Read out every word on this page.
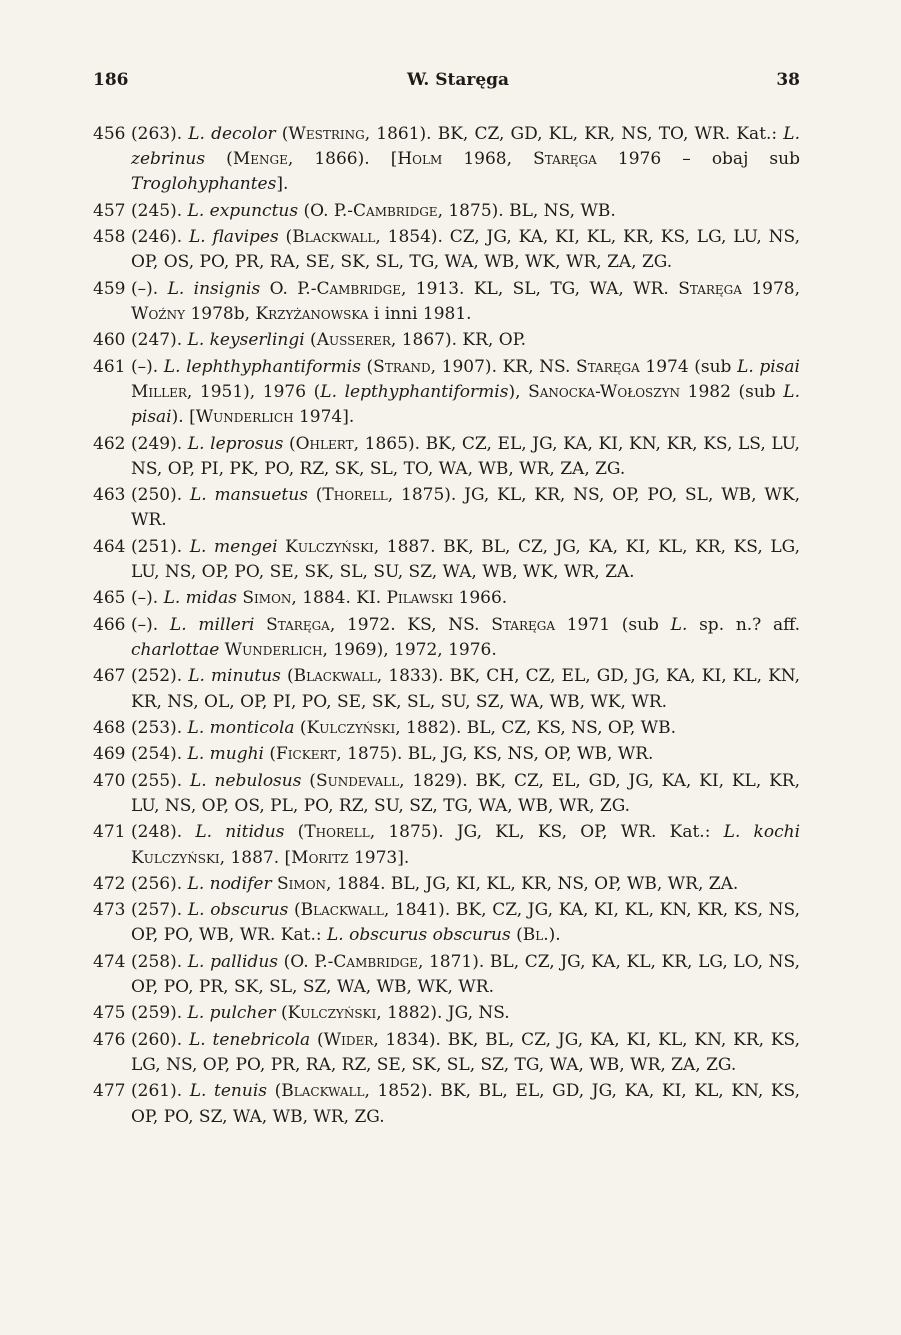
186	W. Staręga	38
456 (263). L. decolor (Westring, 1861). BK, CZ, GD, KL, KR, NS, TO, WR. Kat.: L. zebrinus (Menge, 1866). [Holm 1968, Staręga 1976 – obaj sub Troglohyphantes].
457 (245). L. expunctus (O. P.-Cambridge, 1875). BL, NS, WB.
458 (246). L. flavipes (Blackwall, 1854). CZ, JG, KA, KI, KL, KR, KS, LG, LU, NS, OP, OS, PO, PR, RA, SE, SK, SL, TG, WA, WB, WK, WR, ZA, ZG.
459 (–). L. insignis O. P.-Cambridge, 1913. KL, SL, TG, WA, WR. Staręga 1978, Woźny 1978b, Krzyżanowska i inni 1981.
460 (247). L. keyserlingi (Ausserer, 1867). KR, OP.
461 (–). L. lephthyphantiformis (Strand, 1907). KR, NS. Staręga 1974 (sub L. pisai Miller, 1951), 1976 (L. lepthyphantiformis), Sanocka-Wołoszyn 1982 (sub L. pisai). [Wunderlich 1974].
462 (249). L. leprosus (Ohlert, 1865). BK, CZ, EL, JG, KA, KI, KN, KR, KS, LS, LU, NS, OP, PI, PK, PO, RZ, SK, SL, TO, WA, WB, WR, ZA, ZG.
463 (250). L. mansuetus (Thorell, 1875). JG, KL, KR, NS, OP, PO, SL, WB, WK, WR.
464 (251). L. mengei Kulczyński, 1887. BK, BL, CZ, JG, KA, KI, KL, KR, KS, LG, LU, NS, OP, PO, SE, SK, SL, SU, SZ, WA, WB, WK, WR, ZA.
465 (–). L. midas Simon, 1884. KI. Pilawski 1966.
466 (–). L. milleri Staręga, 1972. KS, NS. Staręga 1971 (sub L. sp. n.? aff. charlottae Wunderlich, 1969), 1972, 1976.
467 (252). L. minutus (Blackwall, 1833). BK, CH, CZ, EL, GD, JG, KA, KI, KL, KN, KR, NS, OL, OP, PI, PO, SE, SK, SL, SU, SZ, WA, WB, WK, WR.
468 (253). L. monticola (Kulczyński, 1882). BL, CZ, KS, NS, OP, WB.
469 (254). L. mughi (Fickert, 1875). BL, JG, KS, NS, OP, WB, WR.
470 (255). L. nebulosus (Sundevall, 1829). BK, CZ, EL, GD, JG, KA, KI, KL, KR, LU, NS, OP, OS, PL, PO, RZ, SU, SZ, TG, WA, WB, WR, ZG.
471 (248). L. nitidus (Thorell, 1875). JG, KL, KS, OP, WR. Kat.: L. kochi Kulczyński, 1887. [Moritz 1973].
472 (256). L. nodifer Simon, 1884. BL, JG, KI, KL, KR, NS, OP, WB, WR, ZA.
473 (257). L. obscurus (Blackwall, 1841). BK, CZ, JG, KA, KI, KL, KN, KR, KS, NS, OP, PO, WB, WR. Kat.: L. obscurus obscurus (Bl.).
474 (258). L. pallidus (O. P.-Cambridge, 1871). BL, CZ, JG, KA, KL, KR, LG, LO, NS, OP, PO, PR, SK, SL, SZ, WA, WB, WK, WR.
475 (259). L. pulcher (Kulczyński, 1882). JG, NS.
476 (260). L. tenebricola (Wider, 1834). BK, BL, CZ, JG, KA, KI, KL, KN, KR, KS, LG, NS, OP, PO, PR, RA, RZ, SE, SK, SL, SZ, TG, WA, WB, WR, ZA, ZG.
477 (261). L. tenuis (Blackwall, 1852). BK, BL, EL, GD, JG, KA, KI, KL, KN, KS, OP, PO, SZ, WA, WB, WR, ZG.
